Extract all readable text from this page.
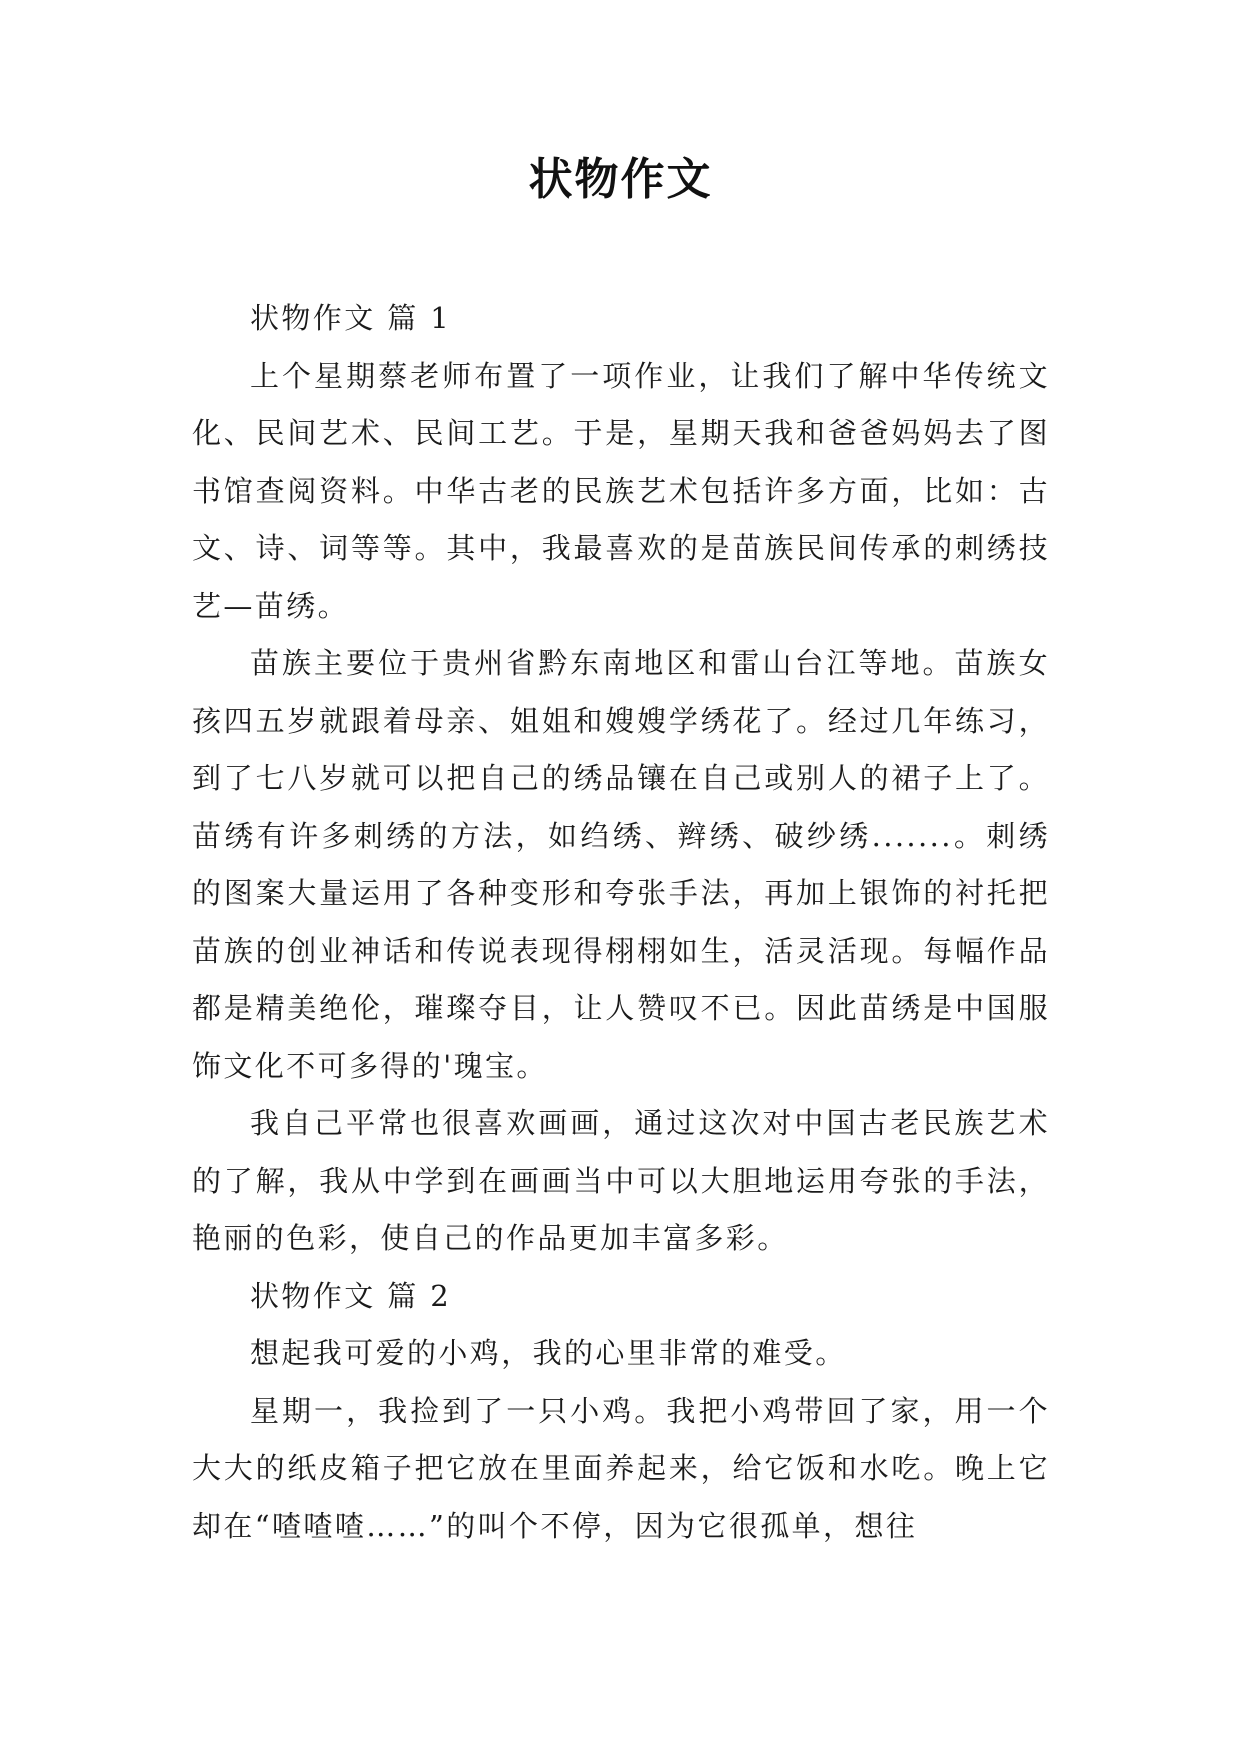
状物作文

状物作文 篇 1

上个星期蔡老师布置了一项作业，让我们了解中华传统文化、民间艺术、民间工艺。于是，星期天我和爸爸妈妈去了图书馆查阅资料。中华古老的民族艺术包括许多方面，比如：古文、诗、词等等。其中，我最喜欢的是苗族民间传承的刺绣技艺—苗绣。

苗族主要位于贵州省黔东南地区和雷山台江等地。苗族女孩四五岁就跟着母亲、姐姐和嫂嫂学绣花了。经过几年练习，到了七八岁就可以把自己的绣品镶在自己或别人的裙子上了。苗绣有许多刺绣的方法，如绉绣、辫绣、破纱绣.......。刺绣的图案大量运用了各种变形和夸张手法，再加上银饰的衬托把苗族的创业神话和传说表现得栩栩如生，活灵活现。每幅作品都是精美绝伦，璀璨夺目，让人赞叹不已。因此苗绣是中国服饰文化不可多得的'瑰宝。

我自己平常也很喜欢画画，通过这次对中国古老民族艺术的了解，我从中学到在画画当中可以大胆地运用夸张的手法，艳丽的色彩，使自己的作品更加丰富多彩。

状物作文 篇 2

想起我可爱的小鸡，我的心里非常的难受。

星期一，我捡到了一只小鸡。我把小鸡带回了家，用一个大大的纸皮箱子把它放在里面养起来，给它饭和水吃。晚上它却在“喳喳喳……”的叫个不停，因为它很孤单，想往
